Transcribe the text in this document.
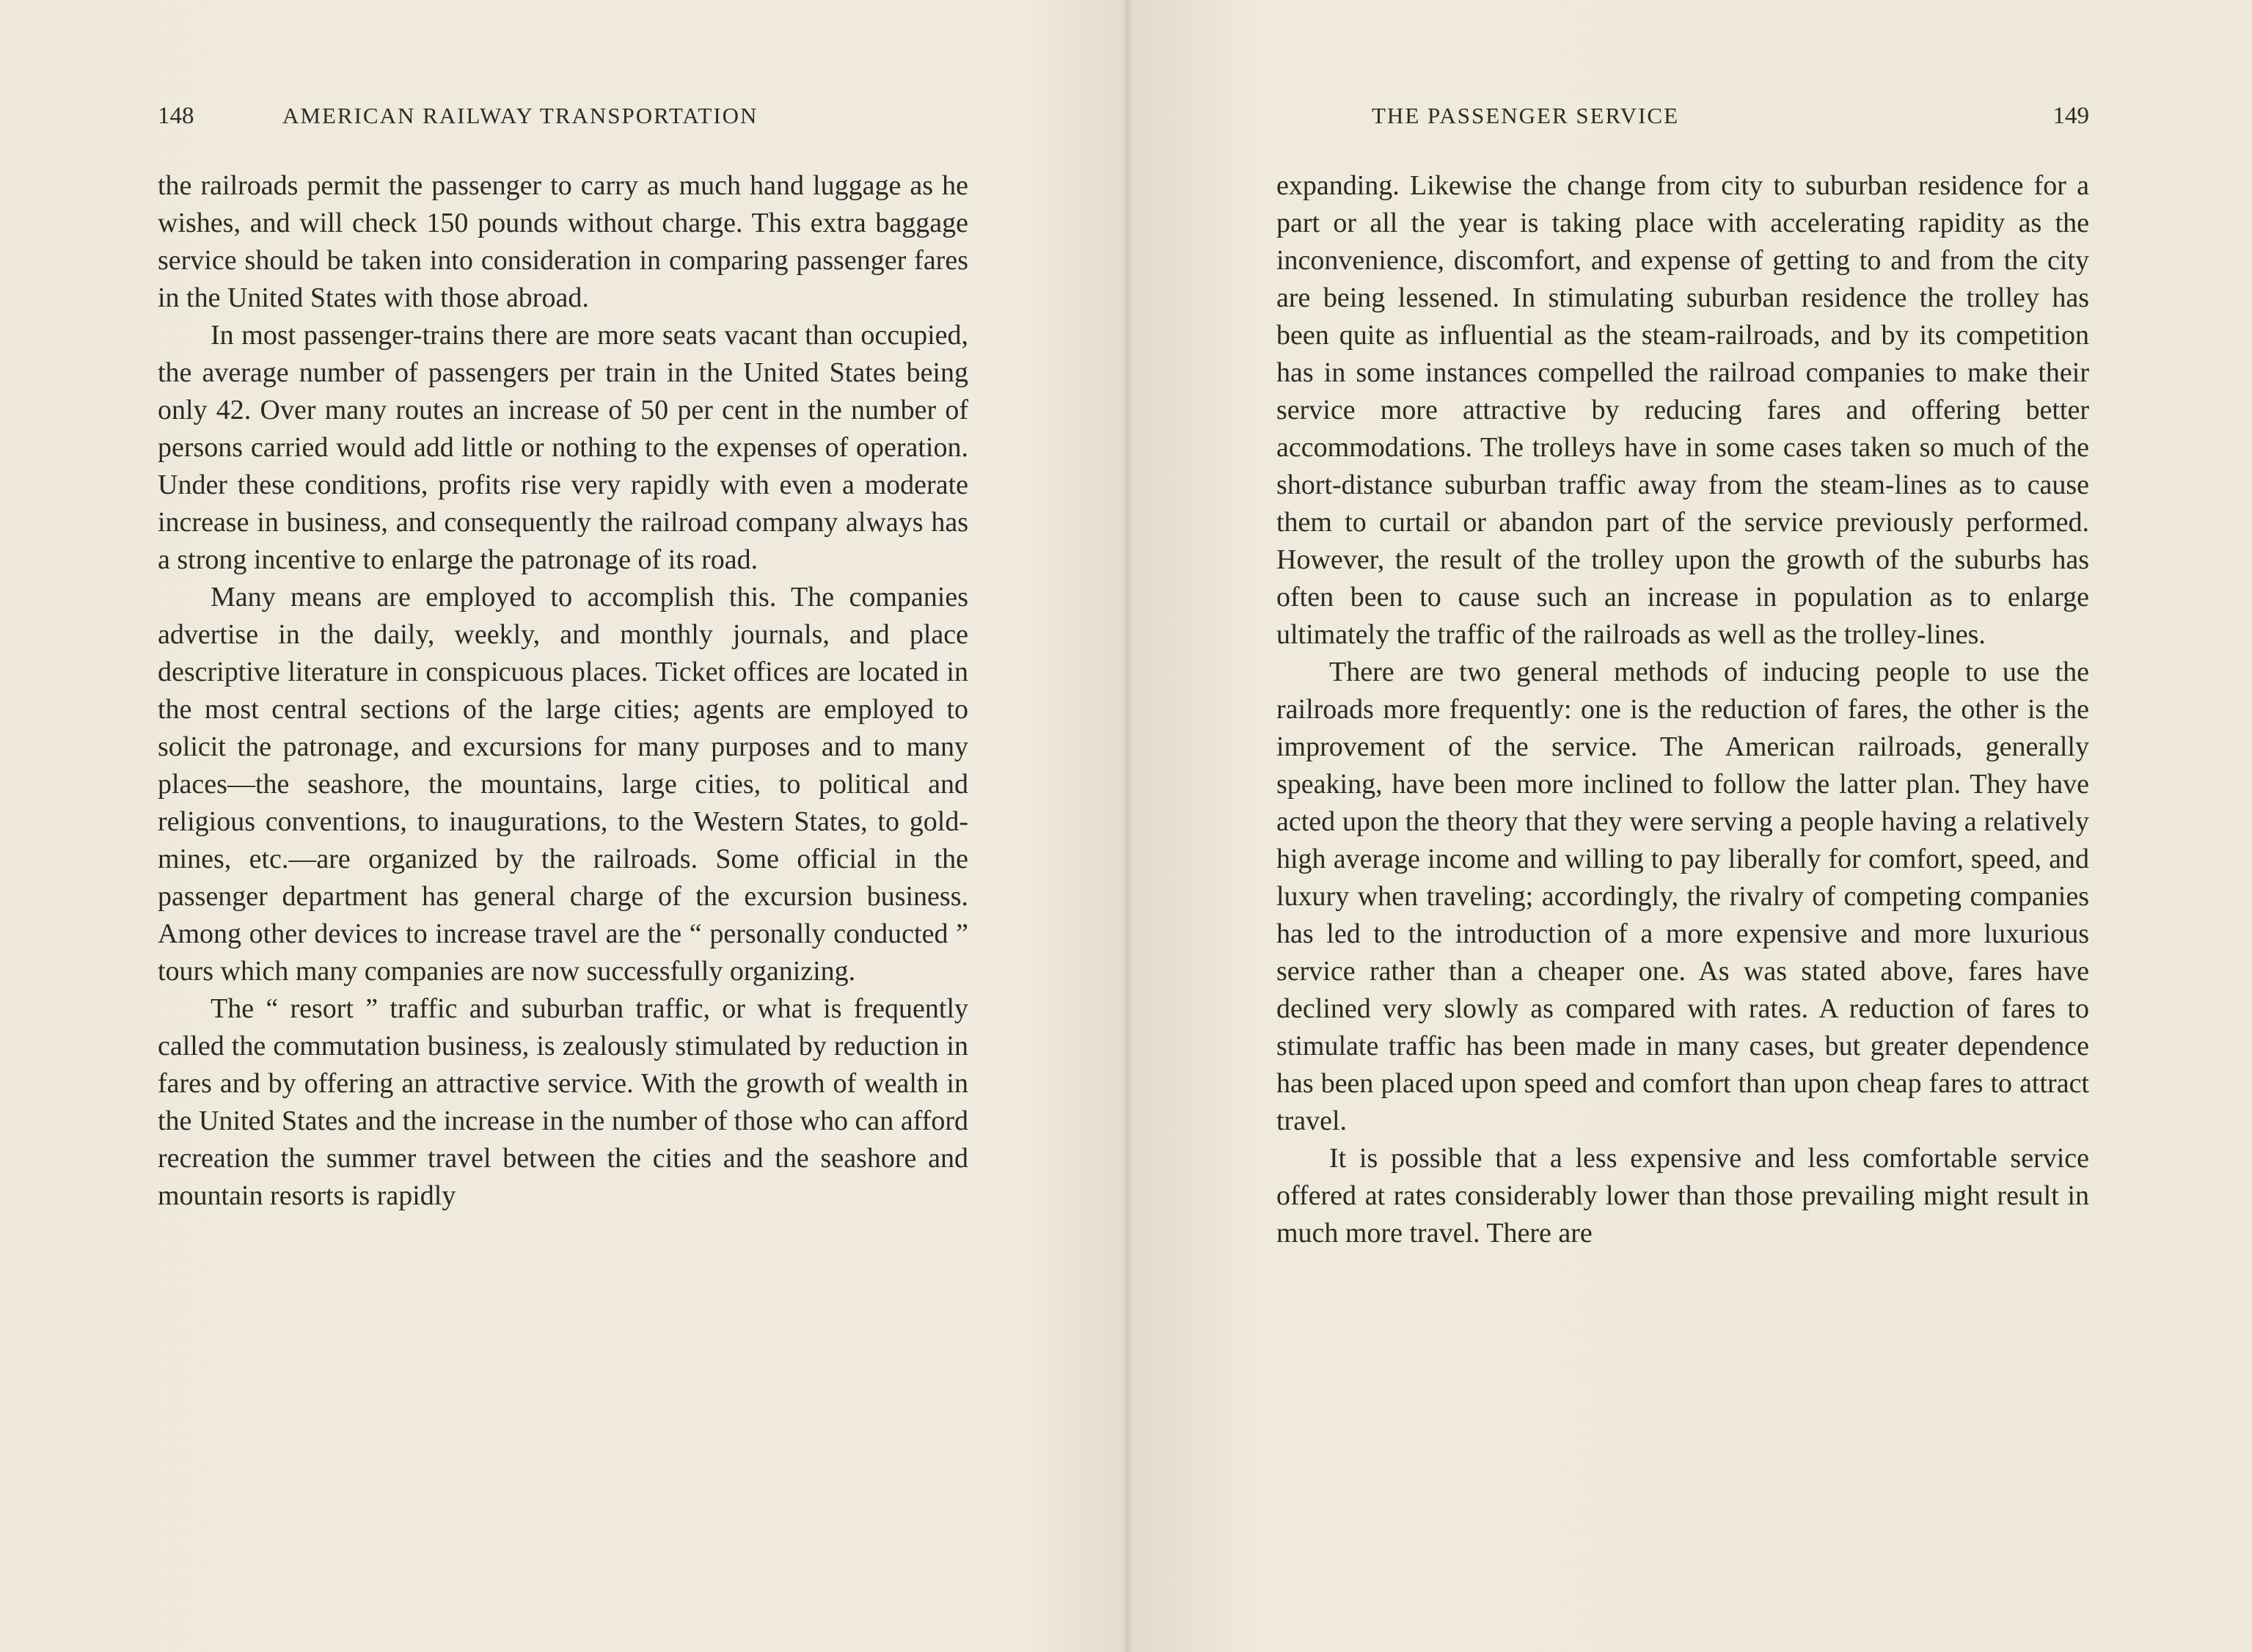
148	AMERICAN RAILWAY TRANSPORTATION

the railroads permit the passenger to carry as much hand luggage as he wishes, and will check 150 pounds without charge. This extra baggage service should be taken into consideration in comparing passenger fares in the United States with those abroad.

In most passenger-trains there are more seats vacant than occupied, the average number of passengers per train in the United States being only 42. Over many routes an increase of 50 per cent in the number of persons carried would add little or nothing to the expenses of operation. Under these conditions, profits rise very rapidly with even a moderate increase in business, and consequently the railroad company always has a strong incentive to enlarge the patronage of its road.

Many means are employed to accomplish this. The companies advertise in the daily, weekly, and monthly journals, and place descriptive literature in conspicuous places. Ticket offices are located in the most central sections of the large cities; agents are employed to solicit the patronage, and excursions for many purposes and to many places—the seashore, the mountains, large cities, to political and religious conventions, to inaugurations, to the Western States, to gold-mines, etc.—are organized by the railroads. Some official in the passenger department has general charge of the excursion business. Among other devices to increase travel are the “ personally conducted ” tours which many companies are now successfully organizing.

The “ resort ” traffic and suburban traffic, or what is frequently called the commutation business, is zealously stimulated by reduction in fares and by offering an attractive service. With the growth of wealth in the United States and the increase in the number of those who can afford recreation the summer travel between the cities and the seashore and mountain resorts is rapidly

THE PASSENGER SERVICE	149

expanding. Likewise the change from city to suburban residence for a part or all the year is taking place with accelerating rapidity as the inconvenience, discomfort, and expense of getting to and from the city are being lessened. In stimulating suburban residence the trolley has been quite as influential as the steam-railroads, and by its competition has in some instances compelled the railroad companies to make their service more attractive by reducing fares and offering better accommodations. The trolleys have in some cases taken so much of the short-distance suburban traffic away from the steam-lines as to cause them to curtail or abandon part of the service previously performed. However, the result of the trolley upon the growth of the suburbs has often been to cause such an increase in population as to enlarge ultimately the traffic of the railroads as well as the trolley-lines.

There are two general methods of inducing people to use the railroads more frequently: one is the reduction of fares, the other is the improvement of the service. The American railroads, generally speaking, have been more inclined to follow the latter plan. They have acted upon the theory that they were serving a people having a relatively high average income and willing to pay liberally for comfort, speed, and luxury when traveling; accordingly, the rivalry of competing companies has led to the introduction of a more expensive and more luxurious service rather than a cheaper one. As was stated above, fares have declined very slowly as compared with rates. A reduction of fares to stimulate traffic has been made in many cases, but greater dependence has been placed upon speed and comfort than upon cheap fares to attract travel.

It is possible that a less expensive and less comfortable service offered at rates considerably lower than those prevailing might result in much more travel. There are
